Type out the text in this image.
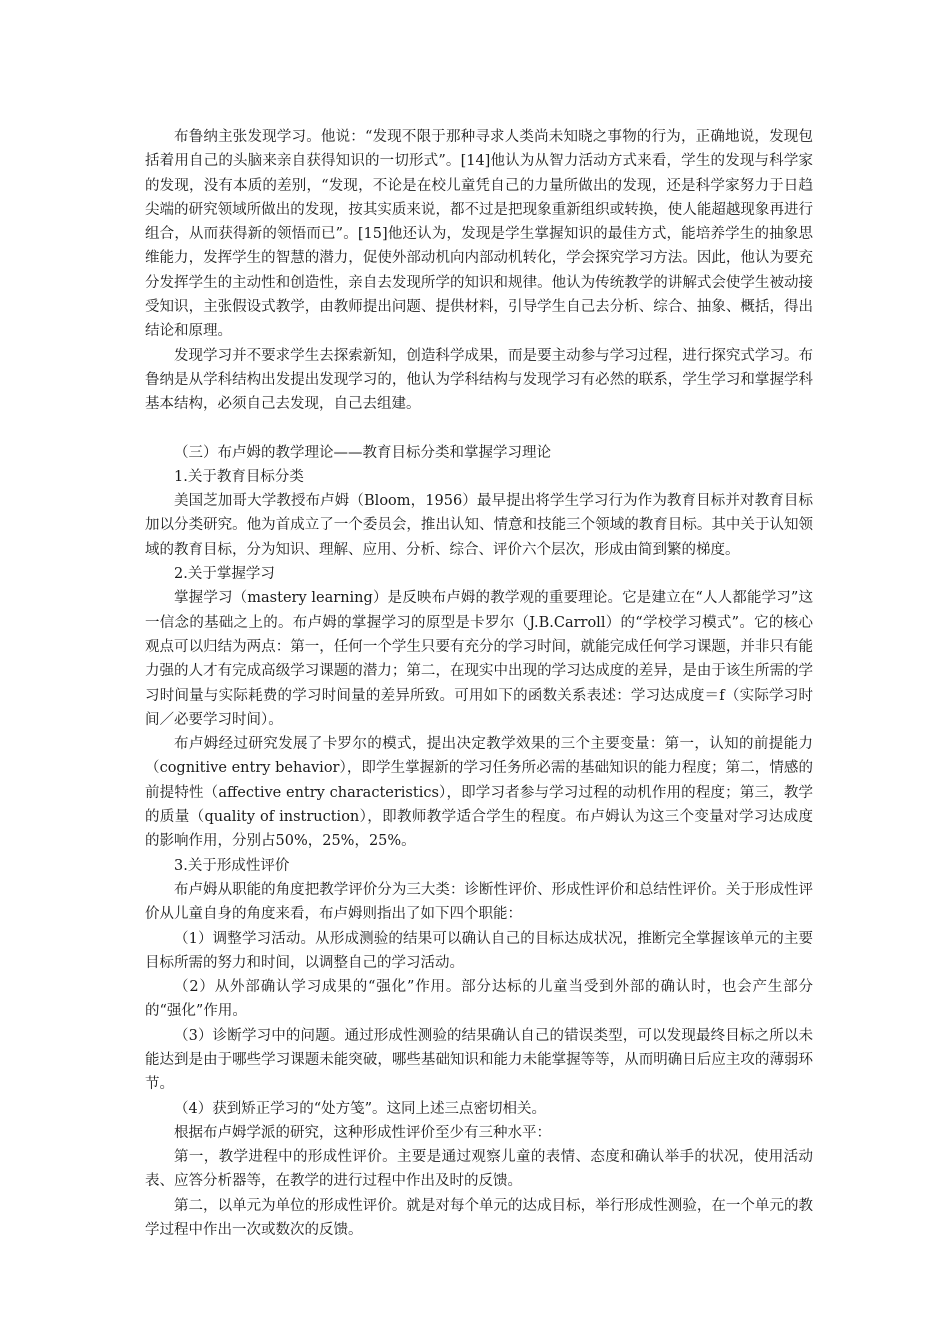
布鲁纳主张发现学习。他说：“发现不限于那种寻求人类尚未知晓之事物的行为，正确地说，发现包括着用自己的头脑来亲自获得知识的一切形式”。[14]他认为从智力活动方式来看，学生的发现与科学家的发现，没有本质的差别，“发现，不论是在校儿童凭自己的力量所做出的发现，还是科学家努力于日趋尖端的研究领域所做出的发现，按其实质来说，都不过是把现象重新组织或转换，使人能超越现象再进行组合，从而获得新的领悟而已”。[15]他还认为，发现是学生掌握知识的最佳方式，能培养学生的抽象思维能力，发挥学生的智慧的潜力，促使外部动机向内部动机转化，学会探究学习方法。因此，他认为要充分发挥学生的主动性和创造性，亲自去发现所学的知识和规律。他认为传统教学的讲解式会使学生被动接受知识，主张假设式教学，由教师提出问题、提供材料，引导学生自己去分析、综合、抽象、概括，得出结论和原理。

发现学习并不要求学生去探索新知，创造科学成果，而是要主动参与学习过程，进行探究式学习。布鲁纳是从学科结构出发提出发现学习的，他认为学科结构与发现学习有必然的联系，学生学习和掌握学科基本结构，必须自己去发现，自己去组建。

（三）布卢姆的教学理论——教育目标分类和掌握学习理论

1.关于教育目标分类

美国芝加哥大学教授布卢姆（Bloom，1956）最早提出将学生学习行为作为教育目标并对教育目标加以分类研究。他为首成立了一个委员会，推出认知、情意和技能三个领域的教育目标。其中关于认知领域的教育目标，分为知识、理解、应用、分析、综合、评价六个层次，形成由简到繁的梯度。

2.关于掌握学习

掌握学习（mastery learning）是反映布卢姆的教学观的重要理论。它是建立在“人人都能学习”这一信念的基础之上的。布卢姆的掌握学习的原型是卡罗尔（J.B.Carroll）的“学校学习模式”。它的核心观点可以归结为两点：第一，任何一个学生只要有充分的学习时间，就能完成任何学习课题，并非只有能力强的人才有完成高级学习课题的潜力；第二，在现实中出现的学习达成度的差异，是由于该生所需的学习时间量与实际耗费的学习时间量的差异所致。可用如下的函数关系表述：学习达成度＝f（实际学习时间／必要学习时间）。

布卢姆经过研究发展了卡罗尔的模式，提出决定教学效果的三个主要变量：第一，认知的前提能力（cognitive entry behavior），即学生掌握新的学习任务所必需的基础知识的能力程度；第二，情感的前提特性（affective entry characteristics），即学习者参与学习过程的动机作用的程度；第三，教学的质量（quality of instruction），即教师教学适合学生的程度。布卢姆认为这三个变量对学习达成度的影响作用，分别占50%，25%，25%。

3.关于形成性评价

布卢姆从职能的角度把教学评价分为三大类：诊断性评价、形成性评价和总结性评价。关于形成性评价从儿童自身的角度来看，布卢姆则指出了如下四个职能：

（1）调整学习活动。从形成测验的结果可以确认自己的目标达成状况，推断完全掌握该单元的主要目标所需的努力和时间，以调整自己的学习活动。

（2）从外部确认学习成果的“强化”作用。部分达标的儿童当受到外部的确认时，也会产生部分的“强化”作用。

（3）诊断学习中的问题。通过形成性测验的结果确认自己的错误类型，可以发现最终目标之所以未能达到是由于哪些学习课题未能突破，哪些基础知识和能力未能掌握等等，从而明确日后应主攻的薄弱环节。

（4）获到矫正学习的“处方笺”。这同上述三点密切相关。

根据布卢姆学派的研究，这种形成性评价至少有三种水平：

第一，教学进程中的形成性评价。主要是通过观察儿童的表情、态度和确认举手的状况，使用活动表、应答分析器等，在教学的进行过程中作出及时的反馈。

第二，以单元为单位的形成性评价。就是对每个单元的达成目标，举行形成性测验，在一个单元的教学过程中作出一次或数次的反馈。
